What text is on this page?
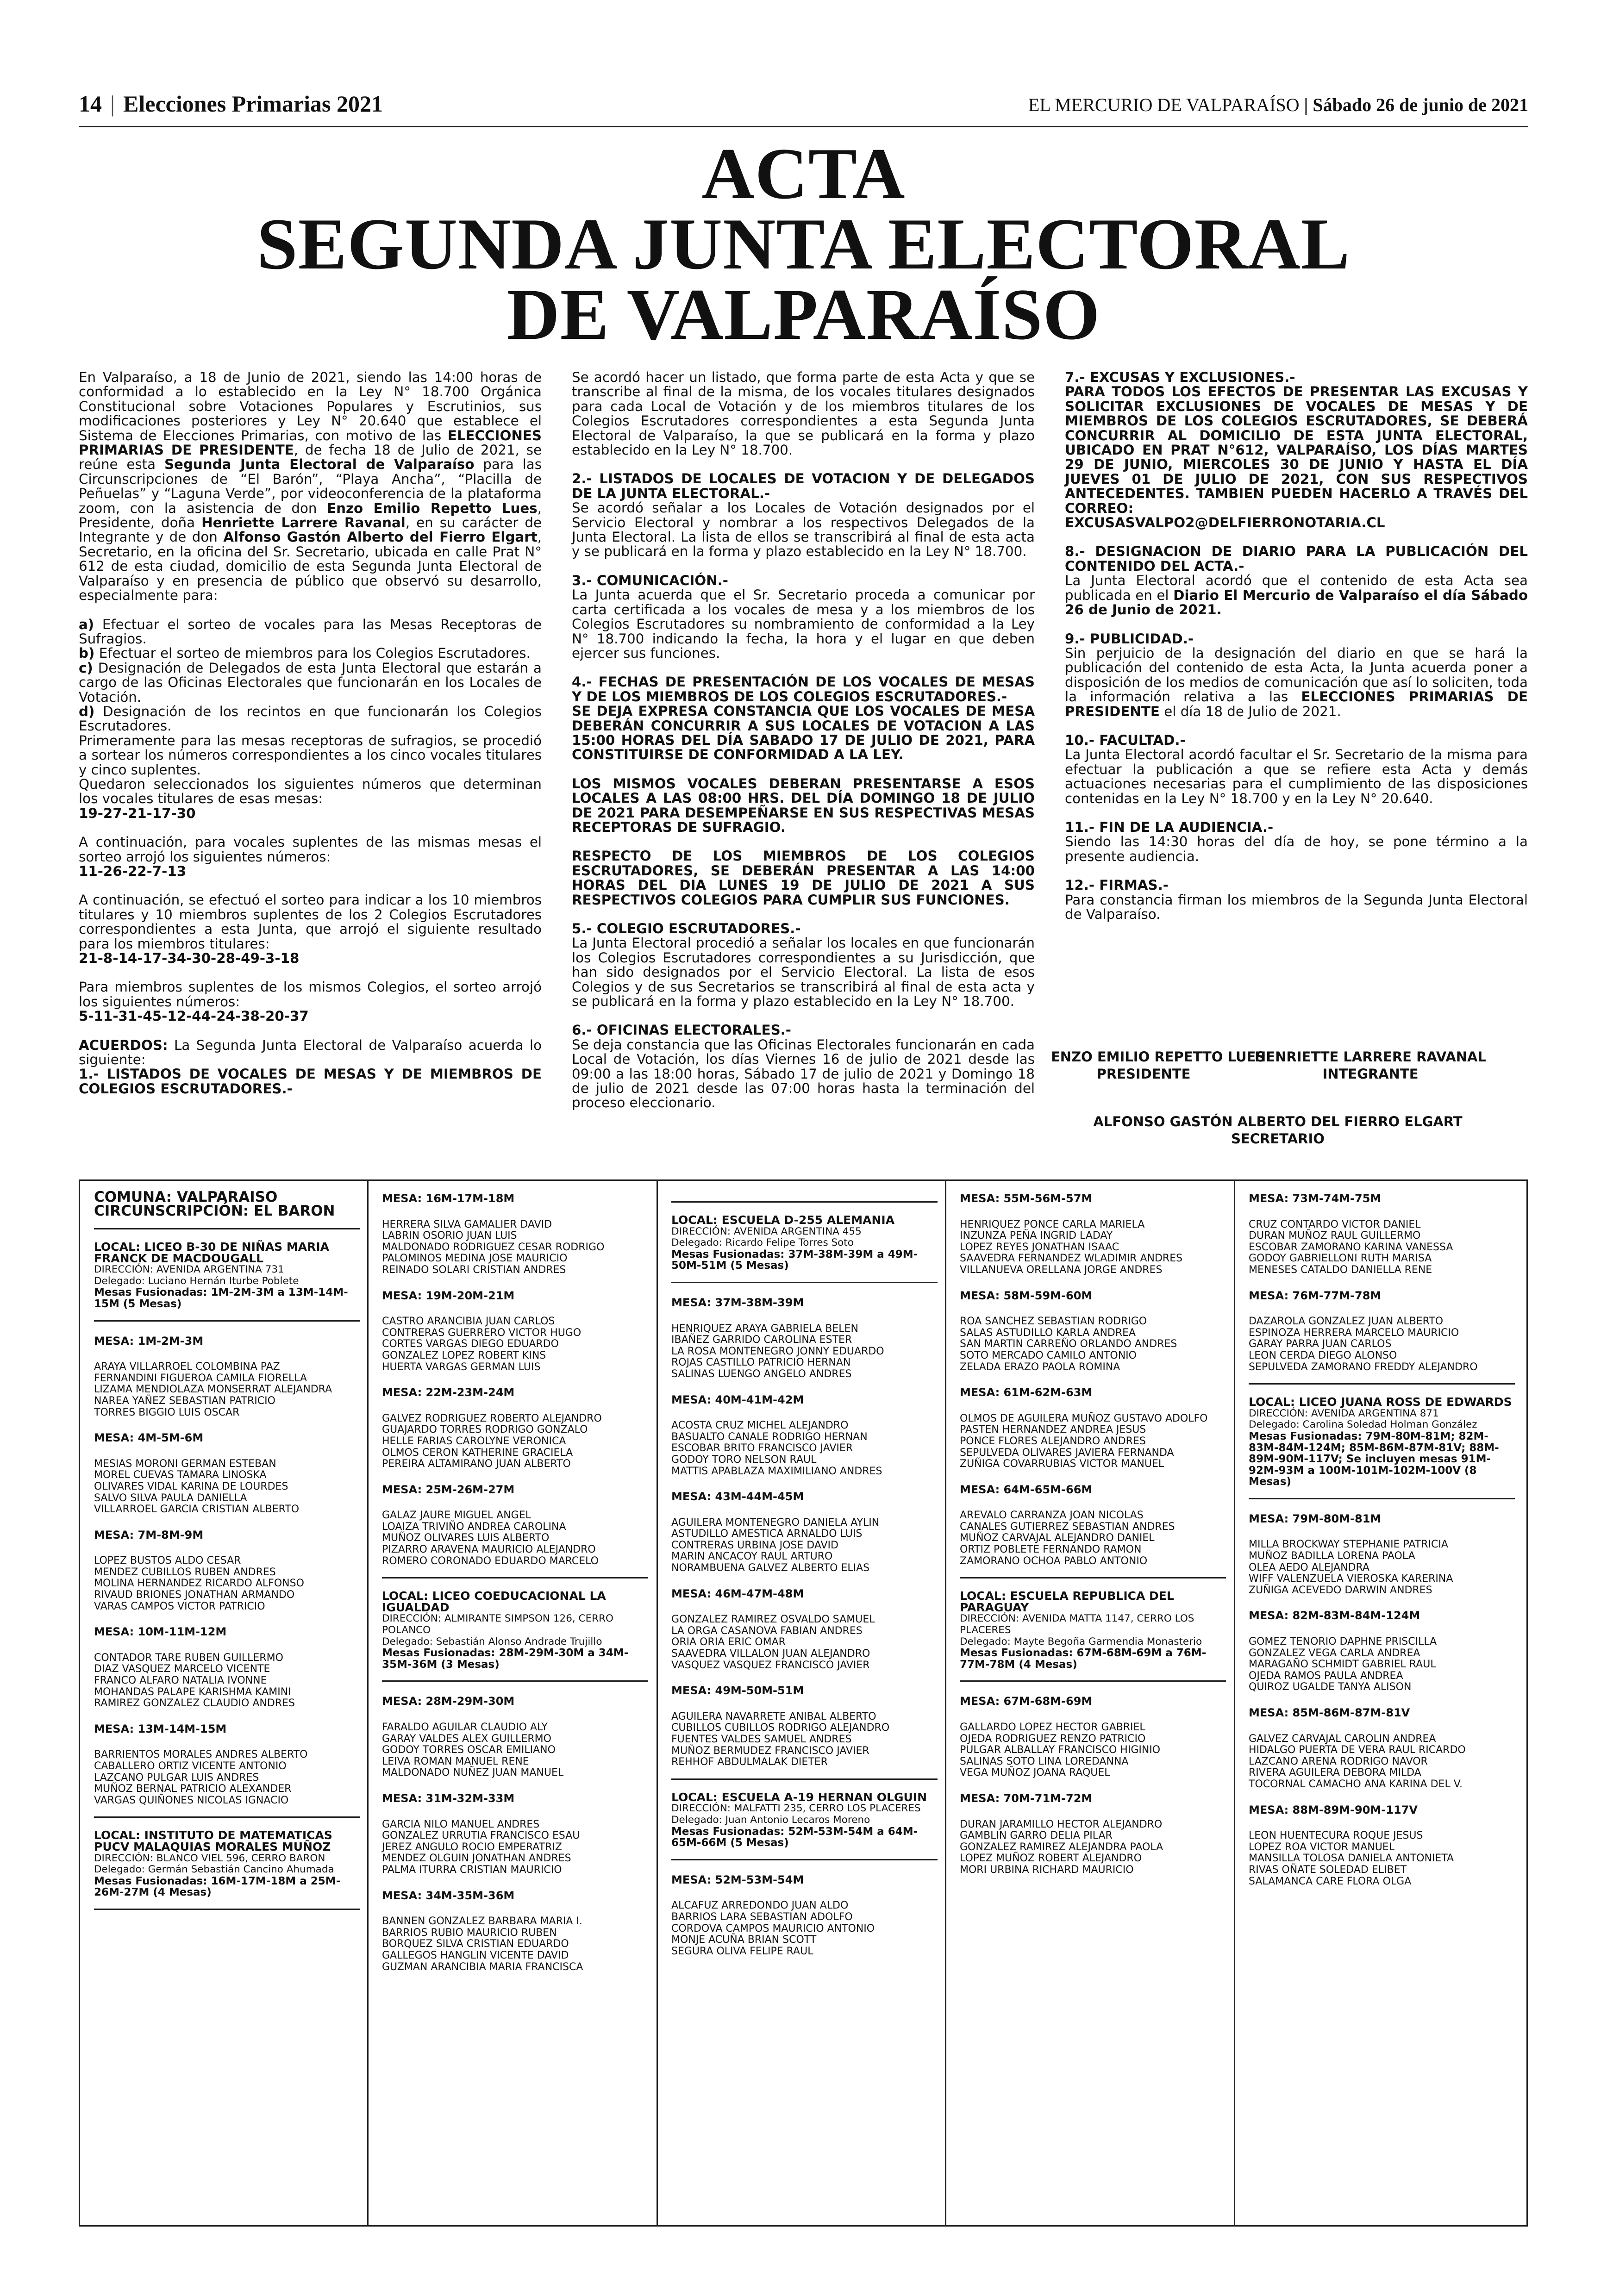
14 | Elecciones Primarias 2021	EL MERCURIO DE VALPARAÍSO | Sábado 26 de junio de 2021
ACTA
SEGUNDA JUNTA ELECTORAL
DE VALPARAÍSO

En Valparaíso, a 18 de Junio de 2021, siendo las 14:00 horas de conformidad a lo establecido en la Ley N° 18.700 Orgánica Constitucional sobre Votaciones Populares y Escrutinios, sus modificaciones posteriores y Ley N° 20.640 que establece el Sistema de Elecciones Primarias, con motivo de las ELECCIONES PRIMARIAS DE PRESIDENTE, de fecha 18 de Julio de 2021, se reúne esta Segunda Junta Electoral de Valparaíso para las Circunscripciones de “El Barón”, “Playa Ancha”, “Placilla de Peñuelas” y “Laguna Verde”, por videoconferencia de la plataforma zoom, con la asistencia de don Enzo Emilio Repetto Lues, Presidente, doña Henriette Larrere Ravanal, en su carácter de Integrante y de don Alfonso Gastón Alberto del Fierro Elgart, Secretario, en la oficina del Sr. Secretario, ubicada en calle Prat N° 612 de esta ciudad, domicilio de esta Segunda Junta Electoral de Valparaíso y en presencia de público que observó su desarrollo, especialmente para:

a) Efectuar el sorteo de vocales para las Mesas Receptoras de Sufragios.
b) Efectuar el sorteo de miembros para los Colegios Escrutadores.
c) Designación de Delegados de esta Junta Electoral que estarán a cargo de las Oficinas Electorales que funcionarán en los Locales de Votación.
d) Designación de los recintos en que funcionarán los Colegios Escrutadores.
Primeramente para las mesas receptoras de sufragios, se procedió a sortear los números correspondientes a los cinco vocales titulares y cinco suplentes.
Quedaron seleccionados los siguientes números que determinan los vocales titulares de esas mesas:
19-27-21-17-30

A continuación, para vocales suplentes de las mismas mesas el sorteo arrojó los siguientes números:
11-26-22-7-13

A continuación, se efectuó el sorteo para indicar a los 10 miembros titulares y 10 miembros suplentes de los 2 Colegios Escrutadores correspondientes a esta Junta, que arrojó el siguiente resultado para los miembros titulares:
21-8-14-17-34-30-28-49-3-18

Para miembros suplentes de los mismos Colegios, el sorteo arrojó los siguientes números:
5-11-31-45-12-44-24-38-20-37

ACUERDOS: La Segunda Junta Electoral de Valparaíso acuerda lo siguiente:
1.- LISTADOS DE VOCALES DE MESAS Y DE MIEMBROS DE COLEGIOS ESCRUTADORES.-

Se acordó hacer un listado, que forma parte de esta Acta y que se transcribe al final de la misma, de los vocales titulares designados para cada Local de Votación y de los miembros titulares de los Colegios Escrutadores correspondientes a esta Segunda Junta Electoral de Valparaíso, la que se publicará en la forma y plazo establecido en la Ley N° 18.700.

2.- LISTADOS DE LOCALES DE VOTACION Y DE DELEGADOS DE LA JUNTA ELECTORAL.-

Se acordó señalar a los Locales de Votación designados por el Servicio Electoral y nombrar a los respectivos Delegados de la Junta Electoral. La lista de ellos se transcribirá al final de esta acta y se publicará en la forma y plazo establecido en la Ley N° 18.700.

3.- COMUNICACIÓN.-

La Junta acuerda que el Sr. Secretario proceda a comunicar por carta certificada a los vocales de mesa y a los miembros de los Colegios Escrutadores su nombramiento de conformidad a la Ley N° 18.700 indicando la fecha, la hora y el lugar en que deben ejercer sus funciones.

4.- FECHAS DE PRESENTACIÓN DE LOS VOCALES DE MESAS Y DE LOS MIEMBROS DE LOS COLEGIOS ESCRUTADORES.-

SE DEJA EXPRESA CONSTANCIA QUE LOS VOCALES DE MESA DEBERÁN CONCURRIR A SUS LOCALES DE VOTACION A LAS 15:00 HORAS DEL DÍA SABADO 17 DE JULIO DE 2021, PARA CONSTITUIRSE DE CONFORMIDAD A LA LEY.

LOS MISMOS VOCALES DEBERAN PRESENTARSE A ESOS LOCALES A LAS 08:00 HRS. DEL DÍA DOMINGO 18 DE JULIO DE 2021 PARA DESEMPEÑARSE EN SUS RESPECTIVAS MESAS RECEPTORAS DE SUFRAGIO.

RESPECTO DE LOS MIEMBROS DE LOS COLEGIOS ESCRUTADORES, SE DEBERÁN PRESENTAR A LAS 14:00 HORAS DEL DIA LUNES 19 DE JULIO DE 2021 A SUS RESPECTIVOS COLEGIOS PARA CUMPLIR SUS FUNCIONES.

5.- COLEGIO ESCRUTADORES.-

La Junta Electoral procedió a señalar los locales en que funcionarán los Colegios Escrutadores correspondientes a su Jurisdicción, que han sido designados por el Servicio Electoral. La lista de esos Colegios y de sus Secretarios se transcribirá al final de esta acta y se publicará en la forma y plazo establecido en la Ley N° 18.700.

6.- OFICINAS ELECTORALES.-

Se deja constancia que las Oficinas Electorales funcionarán en cada Local de Votación, los días Viernes 16 de julio de 2021 desde las 09:00 a las 18:00 horas, Sábado 17 de julio de 2021 y Domingo 18 de julio de 2021 desde las 07:00 horas hasta la terminación del proceso eleccionario.

7.- EXCUSAS Y EXCLUSIONES.-

PARA TODOS LOS EFECTOS DE PRESENTAR LAS EXCUSAS Y SOLICITAR EXCLUSIONES DE VOCALES DE MESAS Y DE MIEMBROS DE LOS COLEGIOS ESCRUTADORES, SE DEBERÁ CONCURRIR AL DOMICILIO DE ESTA JUNTA ELECTORAL, UBICADO EN PRAT N°612, VALPARAÍSO, LOS DÍAS MARTES 29 DE JUNIO, MIERCOLES 30 DE JUNIO Y HASTA EL DÍA JUEVES 01 DE JULIO DE 2021, CON SUS RESPECTIVOS ANTECEDENTES. TAMBIEN PUEDEN HACERLO A TRAVÉS DEL CORREO:
EXCUSASVALPO2@DELFIERRONOTARIA.CL

8.- DESIGNACION DE DIARIO PARA LA PUBLICACIÓN DEL CONTENIDO DEL ACTA.-

La Junta Electoral acordó que el contenido de esta Acta sea publicada en el Diario El Mercurio de Valparaíso el día Sábado 26 de Junio de 2021.

9.- PUBLICIDAD.-

Sin perjuicio de la designación del diario en que se hará la publicación del contenido de esta Acta, la Junta acuerda poner a disposición de los medios de comunicación que así lo soliciten, toda la información relativa a las ELECCIONES PRIMARIAS DE PRESIDENTE el día 18 de Julio de 2021.

10.- FACULTAD.-

La Junta Electoral acordó facultar el Sr. Secretario de la misma para efectuar la publicación a que se refiere esta Acta y demás actuaciones necesarias para el cumplimiento de las disposiciones contenidas en la Ley N° 18.700 y en la Ley N° 20.640.

11.- FIN DE LA AUDIENCIA.-

Siendo las 14:30 horas del día de hoy, se pone término a la presente audiencia.

12.- FIRMAS.-

Para constancia firman los miembros de la Segunda Junta Electoral de Valparaíso.

ENZO EMILIO REPETTO LUES
PRESIDENTE
HENRIETTE LARRERE RAVANAL
INTEGRANTE
ALFONSO GASTÓN ALBERTO DEL FIERRO ELGART
SECRETARIO
COMUNA: VALPARAISO
CIRCUNSCRIPCIÓN: EL BARON
LOCAL: LICEO B-30 DE NIÑAS MARIA FRANCK DE MACDOUGALL
DIRECCIÓN: AVENIDA ARGENTINA 731
Delegado: Luciano Hernán Iturbe Poblete
Mesas Fusionadas: 1M-2M-3M a 13M-14M-15M (5 Mesas)
MESA: 1M-2M-3M
ARAYA VILLARROEL COLOMBINA PAZ
FERNANDINI FIGUEROA CAMILA FIORELLA
LIZAMA MENDIOLAZA MONSERRAT ALEJANDRA
NAREA YAÑEZ SEBASTIAN PATRICIO
TORRES BIGGIO LUIS OSCAR
MESA: 4M-5M-6M
MESIAS MORONI GERMAN ESTEBAN
MOREL CUEVAS TAMARA LINOSKA
OLIVARES VIDAL KARINA DE LOURDES
SALVO SILVA PAULA DANIELLA
VILLARROEL GARCIA CRISTIAN ALBERTO
MESA: 7M-8M-9M
LOPEZ BUSTOS ALDO CESAR
MENDEZ CUBILLOS RUBEN ANDRES
MOLINA HERNANDEZ RICARDO ALFONSO
RIVAUD BRIONES JONATHAN ARMANDO
VARAS CAMPOS VICTOR PATRICIO
MESA: 10M-11M-12M
CONTADOR TARE RUBEN GUILLERMO
DIAZ VASQUEZ MARCELO VICENTE
FRANCO ALFARO NATALIA IVONNE
MOHANDAS PALAPE KARISHMA KAMINI
RAMIREZ GONZALEZ CLAUDIO ANDRES
MESA: 13M-14M-15M
BARRIENTOS MORALES ANDRES ALBERTO
CABALLERO ORTIZ VICENTE ANTONIO
LAZCANO PULGAR LUIS ANDRES
MUÑOZ BERNAL PATRICIO ALEXANDER
VARGAS QUIÑONES NICOLAS IGNACIO
LOCAL: INSTITUTO DE MATEMATICAS PUCV MALAQUIAS MORALES MUÑOZ
DIRECCIÓN: BLANCO VIEL 596, CERRO BARON
Delegado: Germán Sebastián Cancino Ahumada
Mesas Fusionadas: 16M-17M-18M a 25M-26M-27M (4 Mesas)
MESA: 16M-17M-18M
HERRERA SILVA GAMALIER DAVID
LABRIN OSORIO JUAN LUIS
MALDONADO RODRIGUEZ CESAR RODRIGO
PALOMINOS MEDINA JOSE MAURICIO
REINADO SOLARI CRISTIAN ANDRES
MESA: 19M-20M-21M
CASTRO ARANCIBIA JUAN CARLOS
CONTRERAS GUERRERO VICTOR HUGO
CORTES VARGAS DIEGO EDUARDO
GONZALEZ LOPEZ ROBERT KINS
HUERTA VARGAS GERMAN LUIS
MESA: 22M-23M-24M
GALVEZ RODRIGUEZ ROBERTO ALEJANDRO
GUAJARDO TORRES RODRIGO GONZALO
HELLE FARIAS CAROLYNE VERONICA
OLMOS CERON KATHERINE GRACIELA
PEREIRA ALTAMIRANO JUAN ALBERTO
MESA: 25M-26M-27M
GALAZ JAURE MIGUEL ANGEL
LOAIZA TRIVIÑO ANDREA CAROLINA
MUÑOZ OLIVARES LUIS ALBERTO
PIZARRO ARAVENA MAURICIO ALEJANDRO
ROMERO CORONADO EDUARDO MARCELO
LOCAL: LICEO COEDUCACIONAL LA IGUALDAD
DIRECCIÓN: ALMIRANTE SIMPSON 126, CERRO POLANCO
Delegado: Sebastián Alonso Andrade Trujillo
Mesas Fusionadas: 28M-29M-30M a 34M-35M-36M (3 Mesas)
MESA: 28M-29M-30M
FARALDO AGUILAR CLAUDIO ALY
GARAY VALDES ALEX GUILLERMO
GODOY TORRES OSCAR EMILIANO
LEIVA ROMAN MANUEL RENE
MALDONADO NUÑEZ JUAN MANUEL
MESA: 31M-32M-33M
GARCIA NILO MANUEL ANDRES
GONZALEZ URRUTIA FRANCISCO ESAU
JEREZ ANGULO ROCIO EMPERATRIZ
MENDEZ OLGUIN JONATHAN ANDRES
PALMA ITURRA CRISTIAN MAURICIO
MESA: 34M-35M-36M
BANNEN GONZALEZ BARBARA MARIA I.
BARRIOS RUBIO MAURICIO RUBEN
BORQUEZ SILVA CRISTIAN EDUARDO
GALLEGOS HANGLIN VICENTE DAVID
GUZMAN ARANCIBIA MARIA FRANCISCA
LOCAL: ESCUELA D-255 ALEMANIA
DIRECCIÓN: AVENIDA ARGENTINA 455
Delegado: Ricardo Felipe Torres Soto
Mesas Fusionadas: 37M-38M-39M a 49M-50M-51M (5 Mesas)
MESA: 37M-38M-39M
HENRIQUEZ ARAYA GABRIELA BELEN
IBAÑEZ GARRIDO CAROLINA ESTER
LA ROSA MONTENEGRO JONNY EDUARDO
ROJAS CASTILLO PATRICIO HERNAN
SALINAS LUENGO ANGELO ANDRES
MESA: 40M-41M-42M
ACOSTA CRUZ MICHEL ALEJANDRO
BASUALTO CANALE RODRIGO HERNAN
ESCOBAR BRITO FRANCISCO JAVIER
GODOY TORO NELSON RAUL
MATTIS APABLAZA MAXIMILIANO ANDRES
MESA: 43M-44M-45M
AGUILERA MONTENEGRO DANIELA AYLIN
ASTUDILLO AMESTICA ARNALDO LUIS
CONTRERAS URBINA JOSE DAVID
MARIN ANCACOY RAUL ARTURO
NORAMBUENA GALVEZ ALBERTO ELIAS
MESA: 46M-47M-48M
GONZALEZ RAMIREZ OSVALDO SAMUEL
LA ORGA CASANOVA FABIAN ANDRES
ORIA ORIA ERIC OMAR
SAAVEDRA VILLALON JUAN ALEJANDRO
VASQUEZ VASQUEZ FRANCISCO JAVIER
MESA: 49M-50M-51M
AGUILERA NAVARRETE ANIBAL ALBERTO
CUBILLOS CUBILLOS RODRIGO ALEJANDRO
FUENTES VALDES SAMUEL ANDRES
MUÑOZ BERMUDEZ FRANCISCO JAVIER
REHHOF ABDULMALAK DIETER
LOCAL: ESCUELA A-19 HERNAN OLGUIN
DIRECCIÓN: MALFATTI 235, CERRO LOS PLACERES
Delegado: Juan Antonio Lecaros Moreno
Mesas Fusionadas: 52M-53M-54M a 64M-65M-66M (5 Mesas)
MESA: 52M-53M-54M
ALCAFUZ ARREDONDO JUAN ALDO
BARRIOS LARA SEBASTIAN ADOLFO
CORDOVA CAMPOS MAURICIO ANTONIO
MONJE ACUÑA BRIAN SCOTT
SEGURA OLIVA FELIPE RAUL
MESA: 55M-56M-57M
HENRIQUEZ PONCE CARLA MARIELA
INZUNZA PEÑA INGRID LADAY
LOPEZ REYES JONATHAN ISAAC
SAAVEDRA FERNANDEZ WLADIMIR ANDRES
VILLANUEVA ORELLANA JORGE ANDRES
MESA: 58M-59M-60M
ROA SANCHEZ SEBASTIAN RODRIGO
SALAS ASTUDILLO KARLA ANDREA
SAN MARTIN CARREÑO ORLANDO ANDRES
SOTO MERCADO CAMILO ANTONIO
ZELADA ERAZO PAOLA ROMINA
MESA: 61M-62M-63M
OLMOS DE AGUILERA MUÑOZ GUSTAVO ADOLFO
PASTEN HERNANDEZ ANDREA JESUS
PONCE FLORES ALEJANDRO ANDRES
SEPULVEDA OLIVARES JAVIERA FERNANDA
ZUÑIGA COVARRUBIAS VICTOR MANUEL
MESA: 64M-65M-66M
AREVALO CARRANZA JOAN NICOLAS
CANALES GUTIERREZ SEBASTIAN ANDRES
MUÑOZ CARVAJAL ALEJANDRO DANIEL
ORTIZ POBLETE FERNANDO RAMON
ZAMORANO OCHOA PABLO ANTONIO
LOCAL: ESCUELA REPUBLICA DEL PARAGUAY
DIRECCIÓN: AVENIDA MATTA 1147, CERRO LOS PLACERES
Delegado: Mayte Begoña Garmendia Monasterio
Mesas Fusionadas: 67M-68M-69M a 76M-77M-78M (4 Mesas)
MESA: 67M-68M-69M
GALLARDO LOPEZ HECTOR GABRIEL
OJEDA RODRIGUEZ RENZO PATRICIO
PULGAR ALBALLAY FRANCISCO HIGINIO
SALINAS SOTO LINA LOREDANNA
VEGA MUÑOZ JOANA RAQUEL
MESA: 70M-71M-72M
DURAN JARAMILLO HECTOR ALEJANDRO
GAMBLIN GARRO DELIA PILAR
GONZALEZ RAMIREZ ALEJANDRA PAOLA
LOPEZ MUÑOZ ROBERT ALEJANDRO
MORI URBINA RICHARD MAURICIO
MESA: 73M-74M-75M
CRUZ CONTARDO VICTOR DANIEL
DURAN MUÑOZ RAUL GUILLERMO
ESCOBAR ZAMORANO KARINA VANESSA
GODOY GABRIELLONI RUTH MARISA
MENESES CATALDO DANIELLA RENE
MESA: 76M-77M-78M
DAZAROLA GONZALEZ JUAN ALBERTO
ESPINOZA HERRERA MARCELO MAURICIO
GARAY PARRA JUAN CARLOS
LEON CERDA DIEGO ALONSO
SEPULVEDA ZAMORANO FREDDY ALEJANDRO
LOCAL: LICEO JUANA ROSS DE EDWARDS
DIRECCIÓN: AVENIDA ARGENTINA 871
Delegado: Carolina Soledad Holman González
Mesas Fusionadas: 79M-80M-81M; 82M-83M-84M-124M; 85M-86M-87M-81V; 88M-89M-90M-117V; Se incluyen mesas 91M-92M-93M a 100M-101M-102M-100V (8 Mesas)
MESA: 79M-80M-81M
MILLA BROCKWAY STEPHANIE PATRICIA
MUÑOZ BADILLA LORENA PAOLA
OLEA AEDO ALEJANDRA
WIFF VALENZUELA VIEROSKA KARERINA
ZUÑIGA ACEVEDO DARWIN ANDRES
MESA: 82M-83M-84M-124M
GOMEZ TENORIO DAPHNE PRISCILLA
GONZALEZ VEGA CARLA ANDREA
MARAGAÑO SCHMIDT GABRIEL RAUL
OJEDA RAMOS PAULA ANDREA
QUIROZ UGALDE TANYA ALISON
MESA: 85M-86M-87M-81V
GALVEZ CARVAJAL CAROLIN ANDREA
HIDALGO PUERTA DE VERA RAUL RICARDO
LAZCANO ARENA RODRIGO NAVOR
RIVERA AGUILERA DEBORA MILDA
TOCORNAL CAMACHO ANA KARINA DEL V.
MESA: 88M-89M-90M-117V
LEON HUENTECURA ROQUE JESUS
LOPEZ ROA VICTOR MANUEL
MANSILLA TOLOSA DANIELA ANTONIETA
RIVAS OÑATE SOLEDAD ELIBET
SALAMANCA CARE FLORA OLGA
